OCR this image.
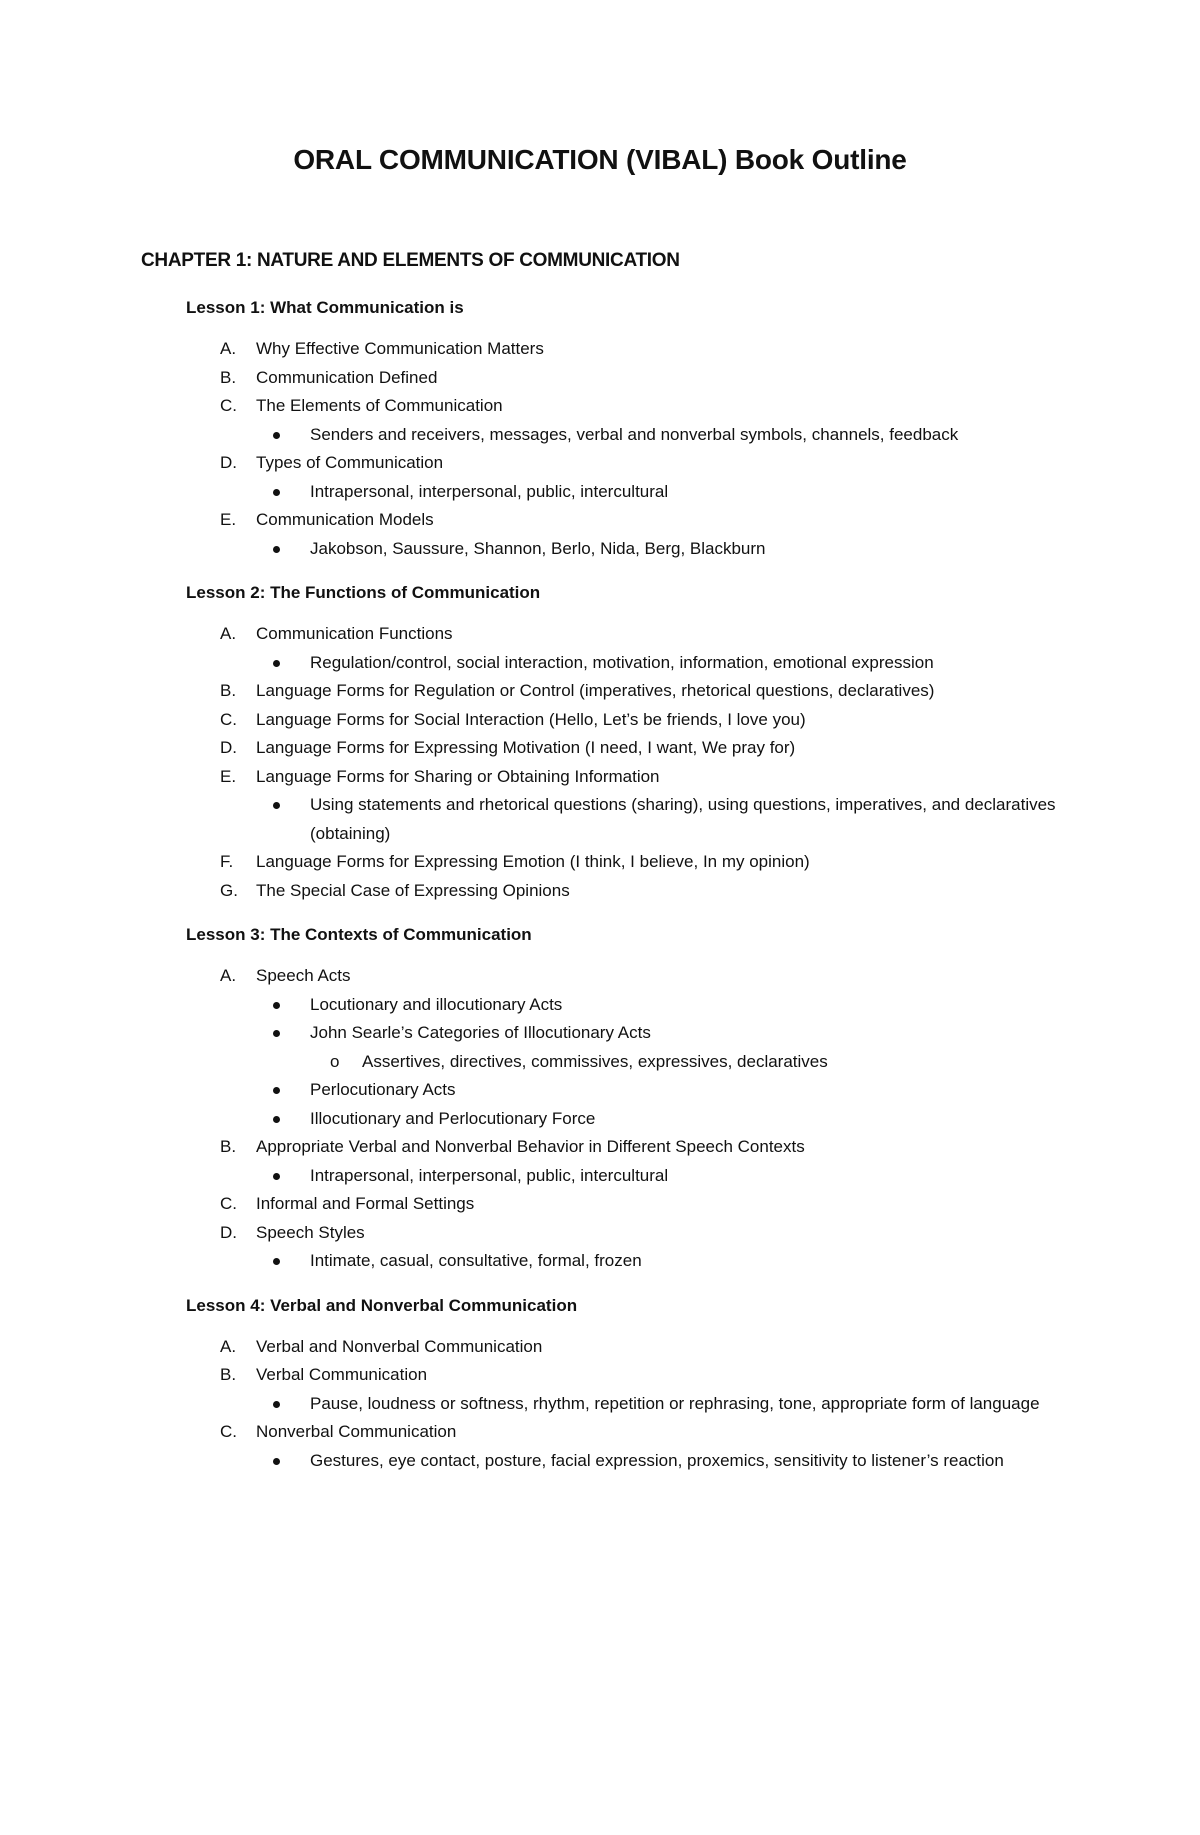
ORAL COMMUNICATION (VIBAL) Book Outline
CHAPTER 1: NATURE AND ELEMENTS OF COMMUNICATION
Lesson 1: What Communication is
A. Why Effective Communication Matters
B. Communication Defined
C. The Elements of Communication
Senders and receivers, messages, verbal and nonverbal symbols, channels, feedback
D. Types of Communication
Intrapersonal, interpersonal, public, intercultural
E. Communication Models
Jakobson, Saussure, Shannon, Berlo, Nida, Berg, Blackburn
Lesson 2: The Functions of Communication
A. Communication Functions
Regulation/control, social interaction, motivation, information, emotional expression
B. Language Forms for Regulation or Control (imperatives, rhetorical questions, declaratives)
C. Language Forms for Social Interaction (Hello, Let’s be friends, I love you)
D. Language Forms for Expressing Motivation (I need, I want, We pray for)
E. Language Forms for Sharing or Obtaining Information
Using statements and rhetorical questions (sharing), using questions, imperatives, and declaratives (obtaining)
F. Language Forms for Expressing Emotion (I think, I believe, In my opinion)
G. The Special Case of Expressing Opinions
Lesson 3: The Contexts of Communication
A. Speech Acts
Locutionary and illocutionary Acts
John Searle’s Categories of Illocutionary Acts
o Assertives, directives, commissives, expressives, declaratives
Perlocutionary Acts
Illocutionary and Perlocutionary Force
B. Appropriate Verbal and Nonverbal Behavior in Different Speech Contexts
Intrapersonal, interpersonal, public, intercultural
C. Informal and Formal Settings
D. Speech Styles
Intimate, casual, consultative, formal, frozen
Lesson 4: Verbal and Nonverbal Communication
A. Verbal and Nonverbal Communication
B. Verbal Communication
Pause, loudness or softness, rhythm, repetition or rephrasing, tone, appropriate form of language
C. Nonverbal Communication
Gestures, eye contact, posture, facial expression, proxemics, sensitivity to listener’s reaction
